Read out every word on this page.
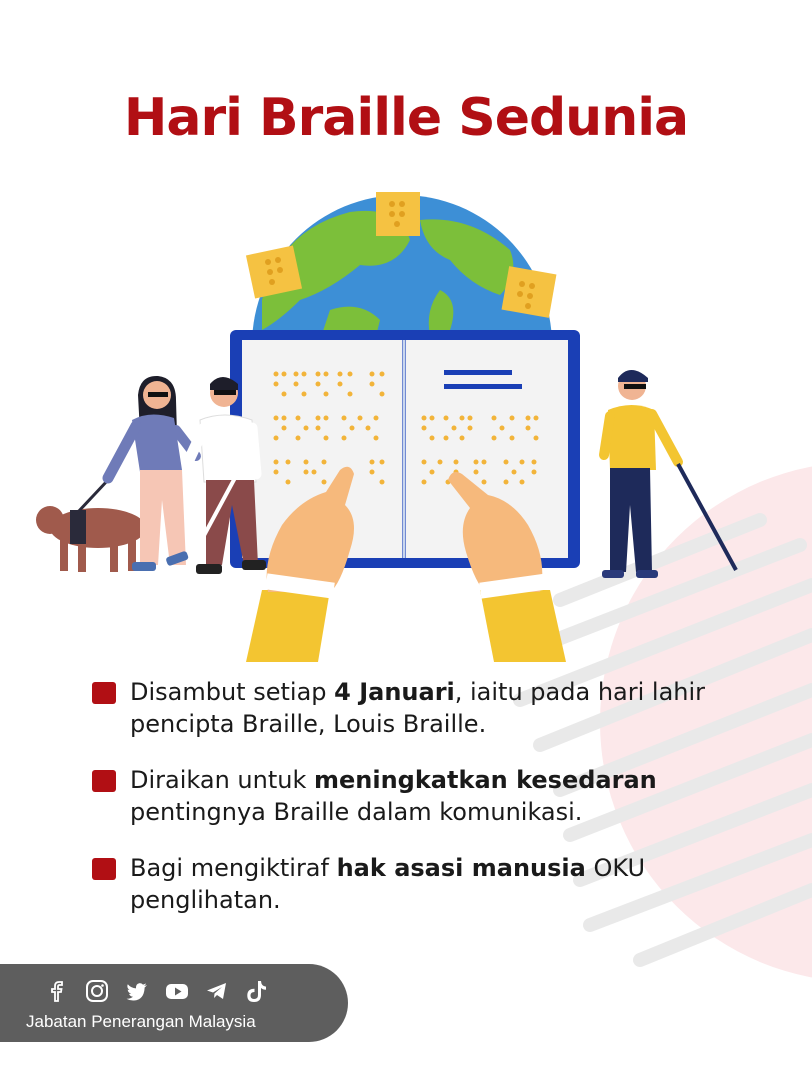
Hari Braille Sedunia
Disambut setiap 4 Januari, iaitu pada hari lahir pencipta Braille, Louis Braille.
Diraikan untuk meningkatkan kesedaran pentingnya Braille dalam komunikasi.
Bagi mengiktiraf hak asasi manusia OKU penglihatan.
Jabatan Penerangan Malaysia
